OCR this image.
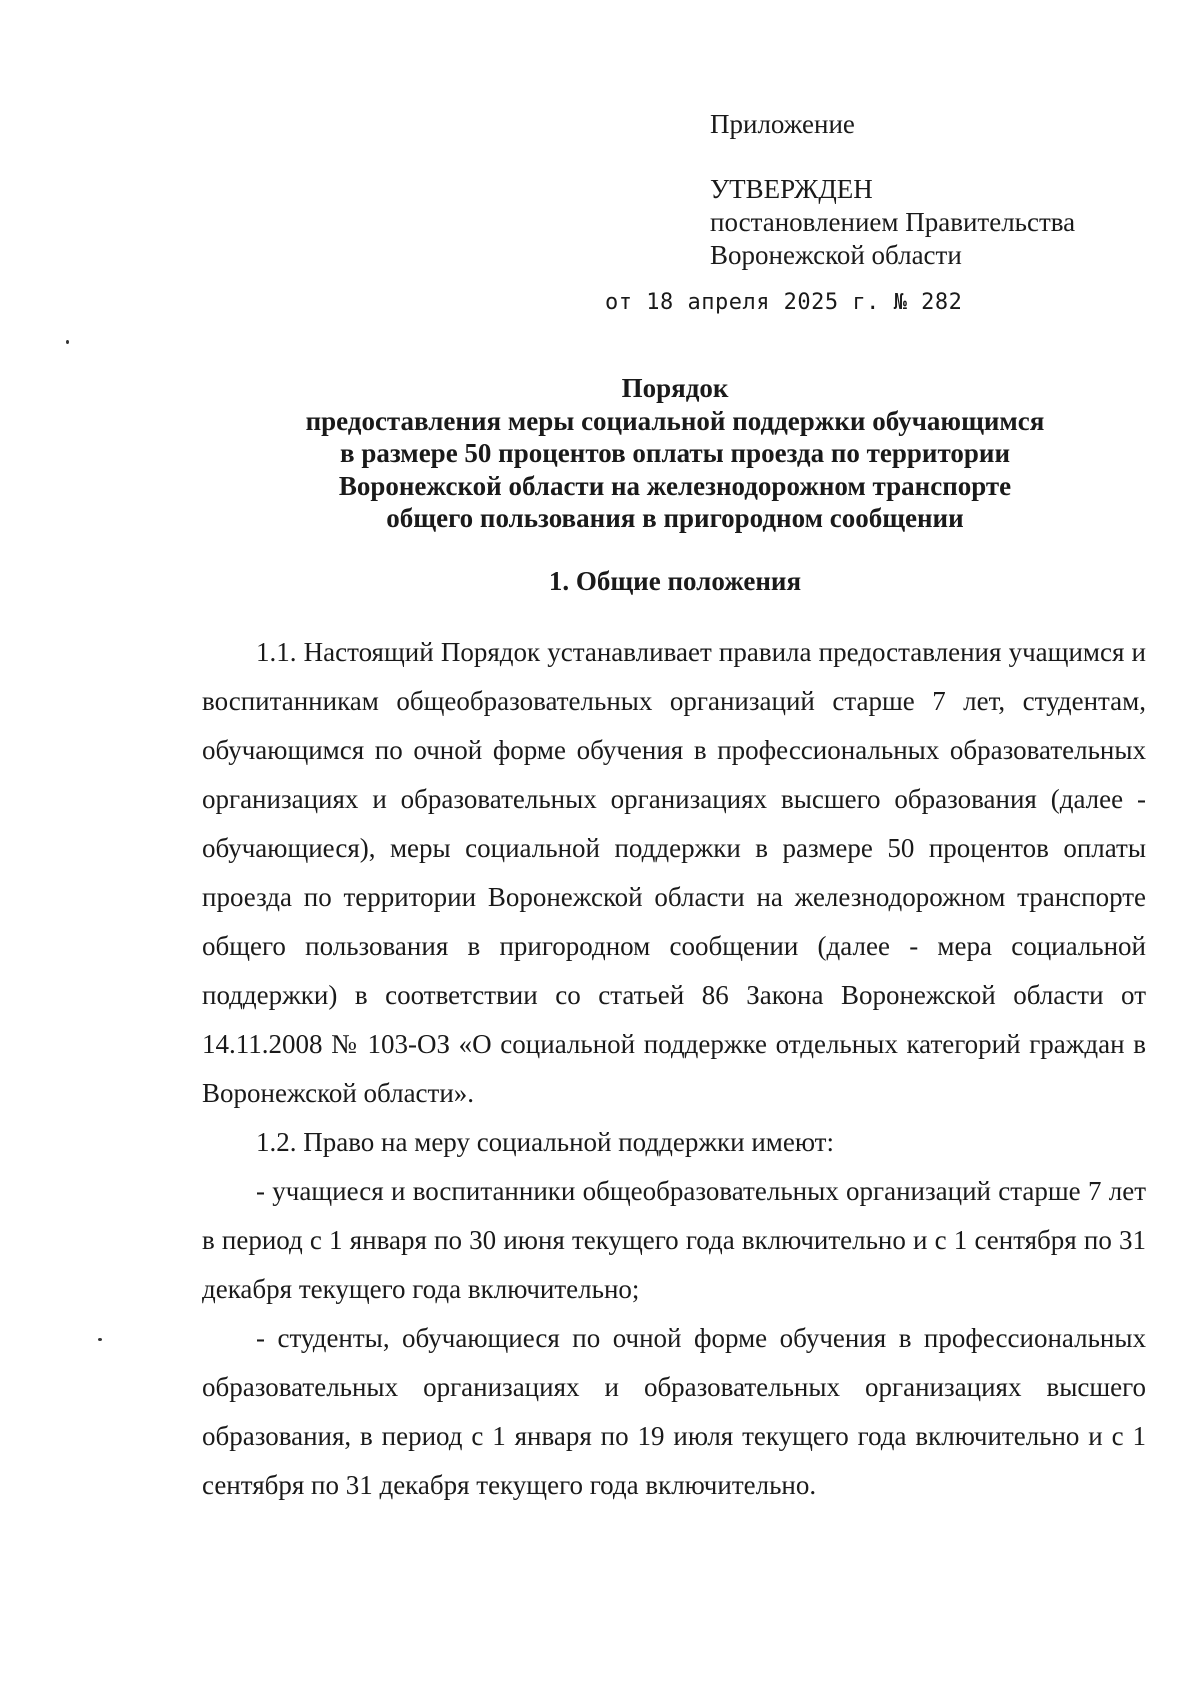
Приложение
УТВЕРЖДЕН
постановлением Правительства
Воронежской области
от 18 апреля 2025 г. № 282
Порядок
предоставления меры социальной поддержки обучающимся
в размере 50 процентов оплаты проезда по территории
Воронежской области на железнодорожном транспорте
общего пользования в пригородном сообщении
1. Общие положения

1.1. Настоящий Порядок устанавливает правила предоставления учащимся и воспитанникам общеобразовательных организаций старше 7 лет, студентам, обучающимся по очной форме обучения в профессиональных образовательных организациях и образовательных организациях высшего образования (далее - обучающиеся), меры социальной поддержки в размере 50 процентов оплаты проезда по территории Воронежской области на железнодорожном транспорте общего пользования в пригородном сообщении (далее - мера социальной поддержки) в соответствии со статьей 86 Закона Воронежской области от 14.11.2008 № 103-ОЗ «О социальной поддержке отдельных категорий граждан в Воронежской области».

1.2. Право на меру социальной поддержки имеют:

- учащиеся и воспитанники общеобразовательных организаций старше 7 лет в период с 1 января по 30 июня текущего года включительно и с 1 сентября по 31 декабря текущего года включительно;

- студенты, обучающиеся по очной форме обучения в профессиональных образовательных организациях и образовательных организациях высшего образования, в период с 1 января по 19 июля текущего года включительно и с 1 сентября по 31 декабря текущего года включительно.
